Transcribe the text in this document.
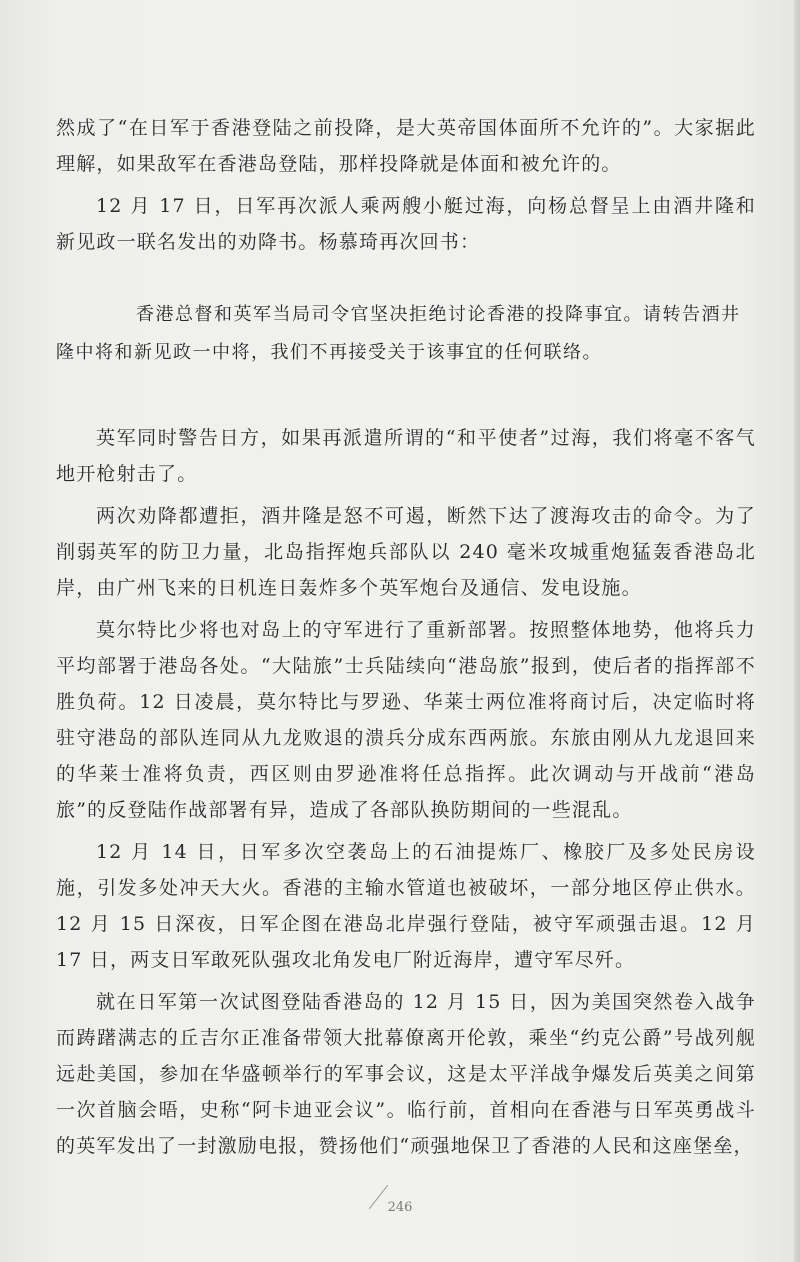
然成了“在日军于香港登陆之前投降，是大英帝国体面所不允许的”。大家据此理解，如果敌军在香港岛登陆，那样投降就是体面和被允许的。

12 月 17 日，日军再次派人乘两艘小艇过海，向杨总督呈上由酒井隆和新见政一联名发出的劝降书。杨慕琦再次回书：

香港总督和英军当局司令官坚决拒绝讨论香港的投降事宜。请转告酒井隆中将和新见政一中将，我们不再接受关于该事宜的任何联络。

英军同时警告日方，如果再派遣所谓的“和平使者”过海，我们将毫不客气地开枪射击了。

两次劝降都遭拒，酒井隆是怒不可遏，断然下达了渡海攻击的命令。为了削弱英军的防卫力量，北岛指挥炮兵部队以 240 毫米攻城重炮猛轰香港岛北岸，由广州飞来的日机连日轰炸多个英军炮台及通信、发电设施。

莫尔特比少将也对岛上的守军进行了重新部署。按照整体地势，他将兵力平均部署于港岛各处。“大陆旅”士兵陆续向“港岛旅”报到，使后者的指挥部不胜负荷。12 日凌晨，莫尔特比与罗逊、华莱士两位准将商讨后，决定临时将驻守港岛的部队连同从九龙败退的溃兵分成东西两旅。东旅由刚从九龙退回来的华莱士准将负责，西区则由罗逊准将任总指挥。此次调动与开战前“港岛旅”的反登陆作战部署有异，造成了各部队换防期间的一些混乱。

12 月 14 日，日军多次空袭岛上的石油提炼厂、橡胶厂及多处民房设施，引发多处冲天大火。香港的主输水管道也被破坏，一部分地区停止供水。12 月 15 日深夜，日军企图在港岛北岸强行登陆，被守军顽强击退。12 月 17 日，两支日军敢死队强攻北角发电厂附近海岸，遭守军尽歼。

就在日军第一次试图登陆香港岛的 12 月 15 日，因为美国突然卷入战争而踌躇满志的丘吉尔正准备带领大批幕僚离开伦敦，乘坐“约克公爵”号战列舰远赴美国，参加在华盛顿举行的军事会议，这是太平洋战争爆发后英美之间第一次首脑会晤，史称“阿卡迪亚会议”。临行前，首相向在香港与日军英勇战斗的英军发出了一封激励电报，赞扬他们“顽强地保卫了香港的人民和这座堡垒，

246
